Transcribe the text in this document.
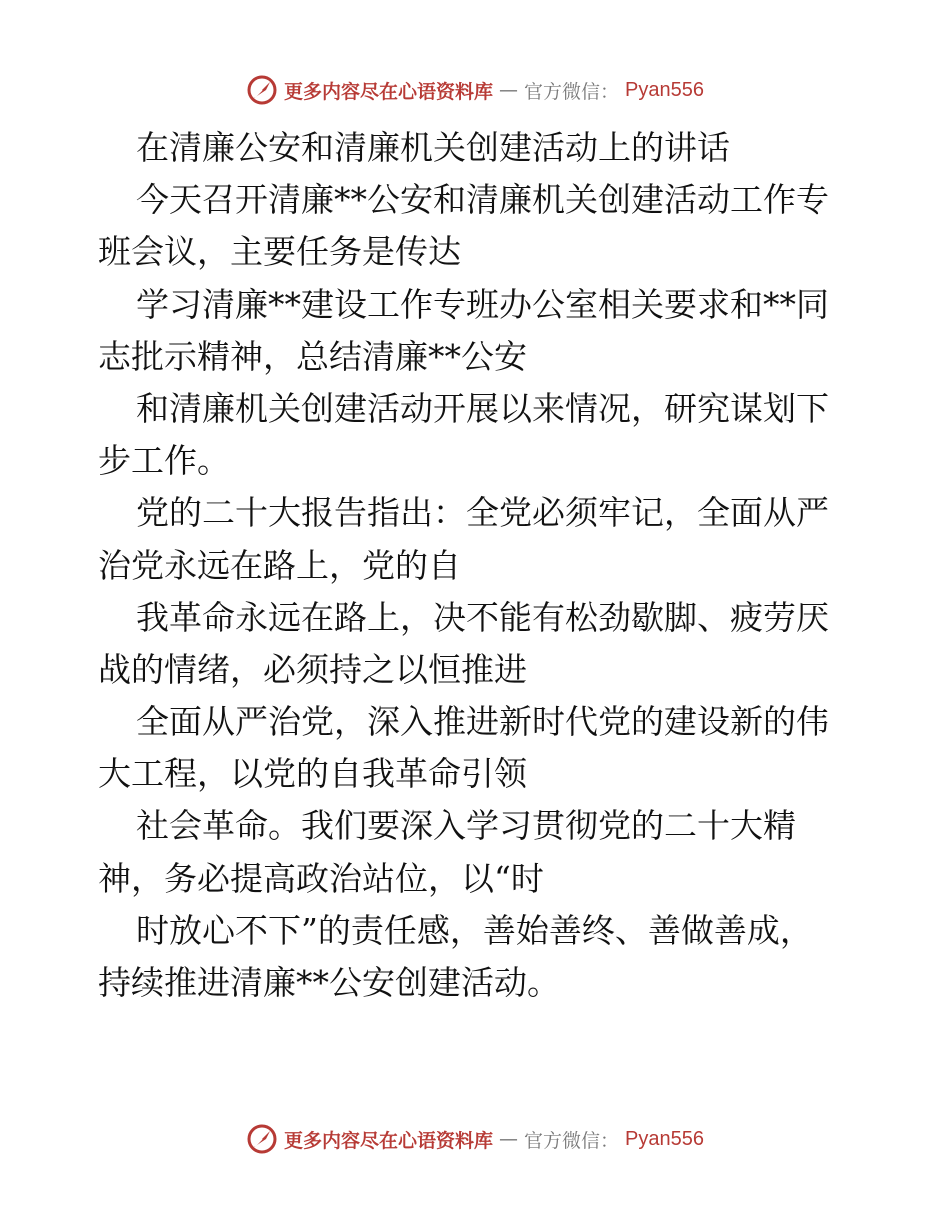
更多内容尽在心语资料库 — 官方微信： Pyan556
在清廉公安和清廉机关创建活动上的讲话
今天召开清廉**公安和清廉机关创建活动工作专
班会议，主要任务是传达
学习清廉**建设工作专班办公室相关要求和**同
志批示精神，总结清廉**公安
和清廉机关创建活动开展以来情况，研究谋划下
步工作。
党的二十大报告指出：全党必须牢记，全面从严
治党永远在路上，党的自
我革命永远在路上，决不能有松劲歇脚、疲劳厌
战的情绪，必须持之以恒推进
全面从严治党，深入推进新时代党的建设新的伟
大工程，以党的自我革命引领
社会革命。我们要深入学习贯彻党的二十大精
神，务必提高政治站位，以“时
时放心不下”的责任感，善始善终、善做善成，
持续推进清廉**公安创建活动。
更多内容尽在心语资料库 — 官方微信： Pyan556
